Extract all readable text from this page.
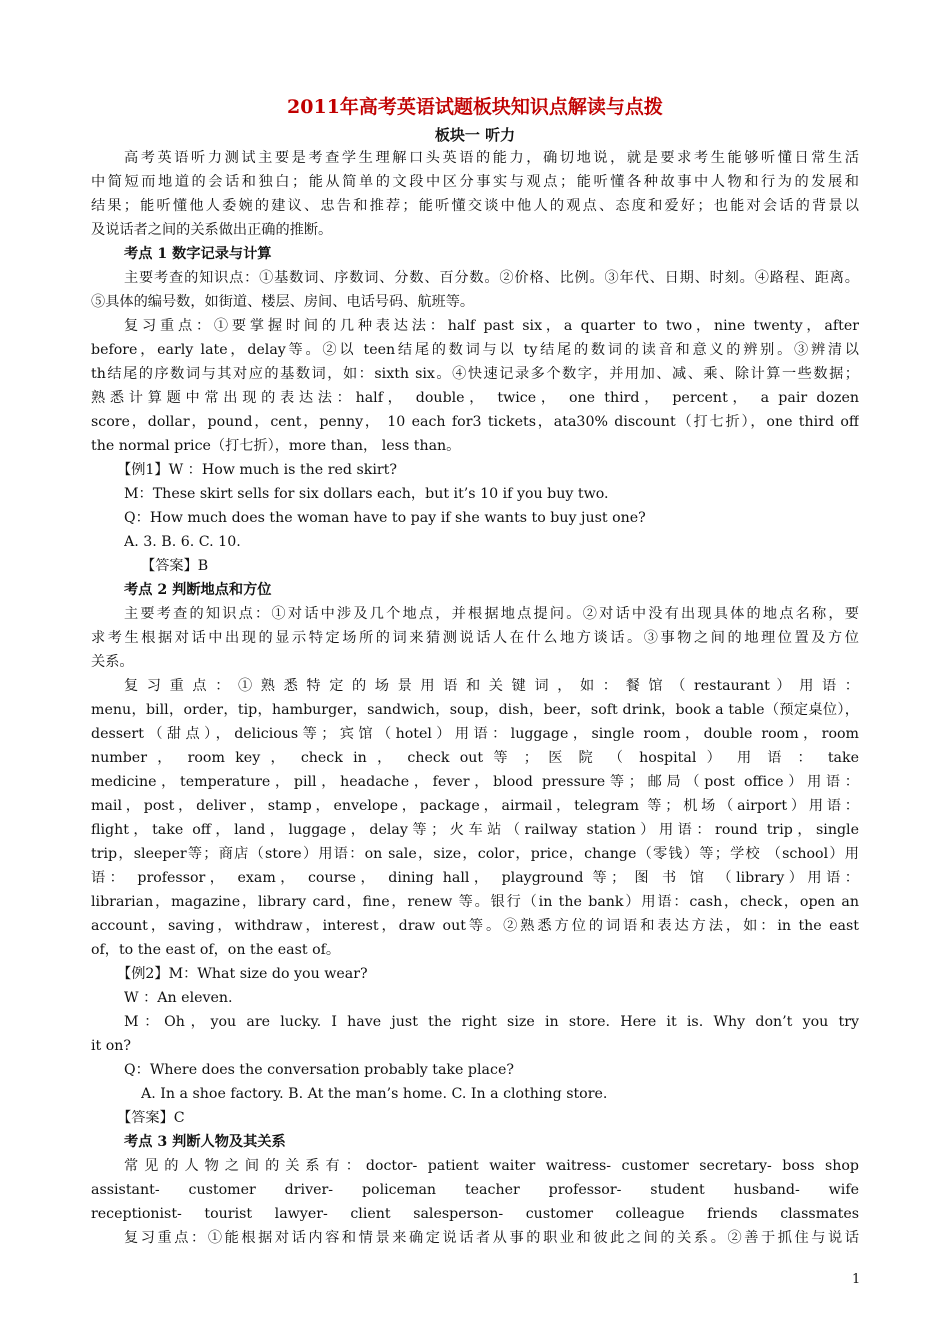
2011年高考英语试题板块知识点解读与点拨
板块一 听力
高考英语听力测试主要是考查学生理解口头英语的能力，确切地说，就是要求考生能够听懂日常生活
中简短而地道的会话和独白；能从简单的文段中区分事实与观点；能听懂各种故事中人物和行为的发展和
结果；能听懂他人委婉的建议、忠告和推荐；能听懂交谈中他人的观点、态度和爱好；也能对会话的背景以
及说话者之间的关系做出正确的推断。
考点 1 数字记录与计算
主要考查的知识点：①基数词、序数词、分数、百分数。②价格、比例。③年代、日期、时刻。④路程、距离。
⑤具体的编号数，如街道、楼层、房间、电话号码、航班等。
复习重点：①要掌握时间的几种表达法：half past six，a quarter to two，nine twenty，after
before，early late，delay等。②以 teen结尾的数词与以 ty结尾的数词的读音和意义的辨别。③辨清以
th结尾的序数词与其对应的基数词，如：sixth six。④快速记录多个数字，并用加、减、乘、除计算一些数据；
熟悉计算题中常出现的表达法：half， double， twice， one third， percent， a pair dozen
score，dollar，pound，cent，penny， 10 each for3 tickets，ata30% discount（打七折），one third off
the normal price（打七折），more than， less than。
【例1】W ：How much is the red skirt?
M：These skirt sells for six dollars each，but it’s 10 if you buy two.
Q：How much does the woman have to pay if she wants to buy just one?
A. 3. B. 6. C. 10.
【答案】B
考点 2 判断地点和方位
主要考查的知识点：①对话中涉及几个地点，并根据地点提问。②对话中没有出现具体的地点名称，要
求考生根据对话中出现的显示特定场所的词来猜测说话人在什么地方谈话。③事物之间的地理位置及方位
关系。
复 习 重 点 ： ① 熟 悉 特 定 的 场 景 用 语 和 关 键 词 ， 如 ： 餐 馆 （ restaurant ） 用 语 ：
menu，bill，order，tip，hamburger，sandwich，soup，dish，beer，soft drink，book a table（预定桌位），
dessert（甜点），delicious等；宾馆（hotel）用语：luggage，single room，double room，room
number ， room key ， check in ， check out 等 ； 医 院 （ hospital ） 用 语 ： take
medicine，temperature，pill，headache，fever，blood pressure等；邮局（post office）用语：
mail，post，deliver，stamp，envelope，package，airmail，telegram 等；机场（airport）用语：
flight，take off，land，luggage，delay等；火车站（railway station）用语：round trip，single
trip，sleeper等；商店（store）用语：on sale，size，color，price，change（零钱）等；学校 （school）用
语： professor， exam， course， dining hall， playground 等； 图 书 馆 （library）用语：
librarian，magazine，library card，fine，renew 等。银行（in the bank）用语：cash，check，open an
account，saving，withdraw，interest，draw out等。②熟悉方位的词语和表达方法，如：in the east
of，to the east of，on the east of。
【例2】M：What size do you wear?
W ：An eleven.
M：Oh，you are lucky. I have just the right size in store. Here it is. Why don’t you try
it on?
Q：Where does the conversation probably take place?
A. In a shoe factory. B. At the man’s home. C. In a clothing store.
【答案】C
考点 3 判断人物及其关系
常见的人物之间的关系有：doctor- patient waiter waitress- customer secretary- boss shop
assistant- customer driver- policeman teacher professor- student husband- wife
receptionist- tourist lawyer- client salesperson- customer colleague friends classmates
复习重点：①能根据对话内容和情景来确定说话者从事的职业和彼此之间的关系。②善于抓住与说话
1
